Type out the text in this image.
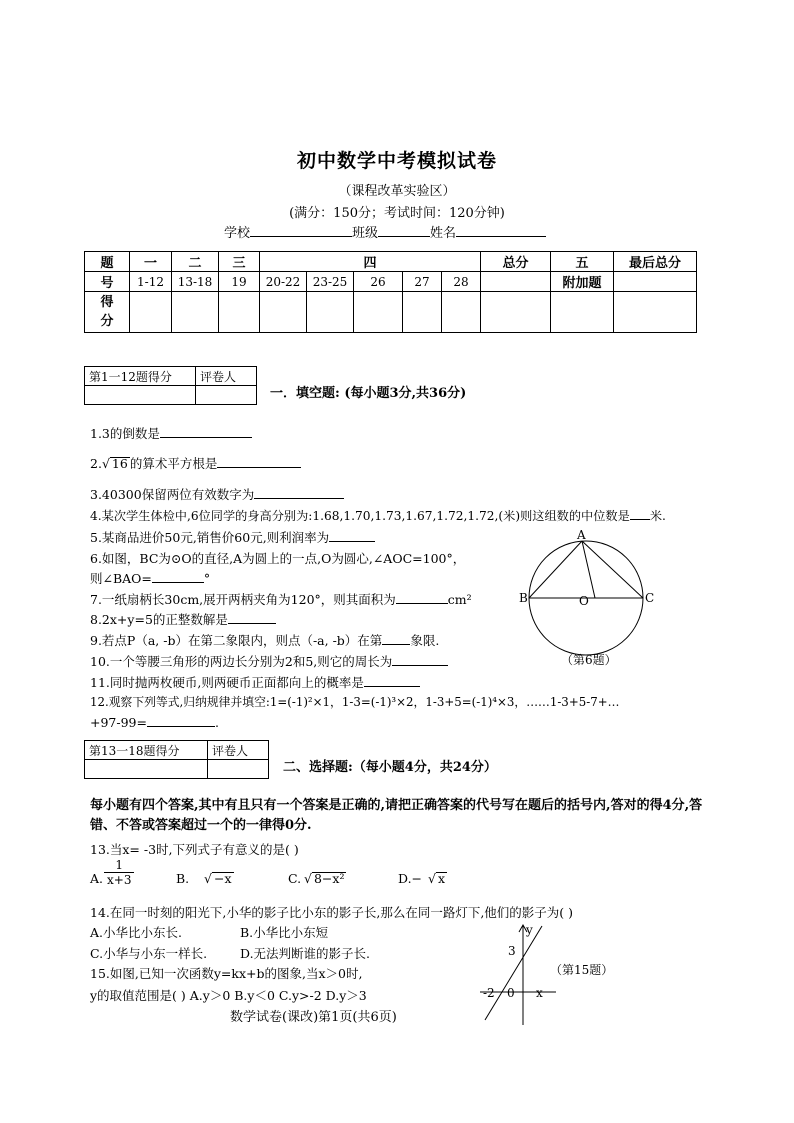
初中数学中考模拟试卷
（课程改革实验区）
(满分：150分；考试时间：120分钟)
学校	班级	姓名
题	一	二	三	四					总分	五	最后总分
号	1-12	13-18	19	20-22	23-25	26	27	28		附加题	
得
分											
第1一12题得分	评卷人

一．填空题: (每小题3分,共36分)
1.3的倒数是
2.√ 16 的算术平方根是
3.40300保留两位有效数字为
4.某次学生体检中,6位同学的身高分别为:1.68,1.70,1.73,1.67,1.72,1.72,(米)则这组数的中位数是 米.
5.某商品进价50元,销售价60元,则利润率为
6.如图，BC为⊙O的直径,A为圆上的一点,O为圆心,∠AOC=100°，
则∠BAO=	°
7.一纸扇柄长30cm,展开两柄夹角为120°，则其面积为	cm²
8.2x+y=5的正整数解是
9.若点P（a, -b）在第二象限内，则点（-a, -b）在第 象限.
10.一个等腰三角形的两边长分别为2和5,则它的周长为
11.同时抛两枚硬币,则两硬币正面都向上的概率是
12.观察下列等式,归纳规律并填空:1=(-1)²×1，1-3=(-1)³×2，1-3+5=(-1)⁴×3，……1-3+5-7+…
+97-99=	.
A
B	O	C
（第6题）
第13一18题得分	评卷人

二、选择题:（每小题4分，共24分）
每小题有四个答案,其中有且只有一个答案是正确的,请把正确答案的代号写在题后的括号内,答对的得4分,答错、不答或答案超过一个的一律得0分.
13.当x= -3时,下列式子有意义的是( )
A. $\frac{1}{x+3}$	B. √ −x	C. √ 8−x²	D.− √ x
14.在同一时刻的阳光下,小华的影子比小东的影子长,那么在同一路灯下,他们的影子为( )
A.小华比小东长.	B.小华比小东短
C.小华与小东一样长.	D.无法判断谁的影子长.
15.如图,已知一次函数y=kx+b的图象,当x＞0时,
y的取值范围是( ) A.y＞0 B.y＜0 C.y>-2 D.y＞3
y
x
3
-2 0
（第15题）
数学试卷(课改)第1页(共6页)
